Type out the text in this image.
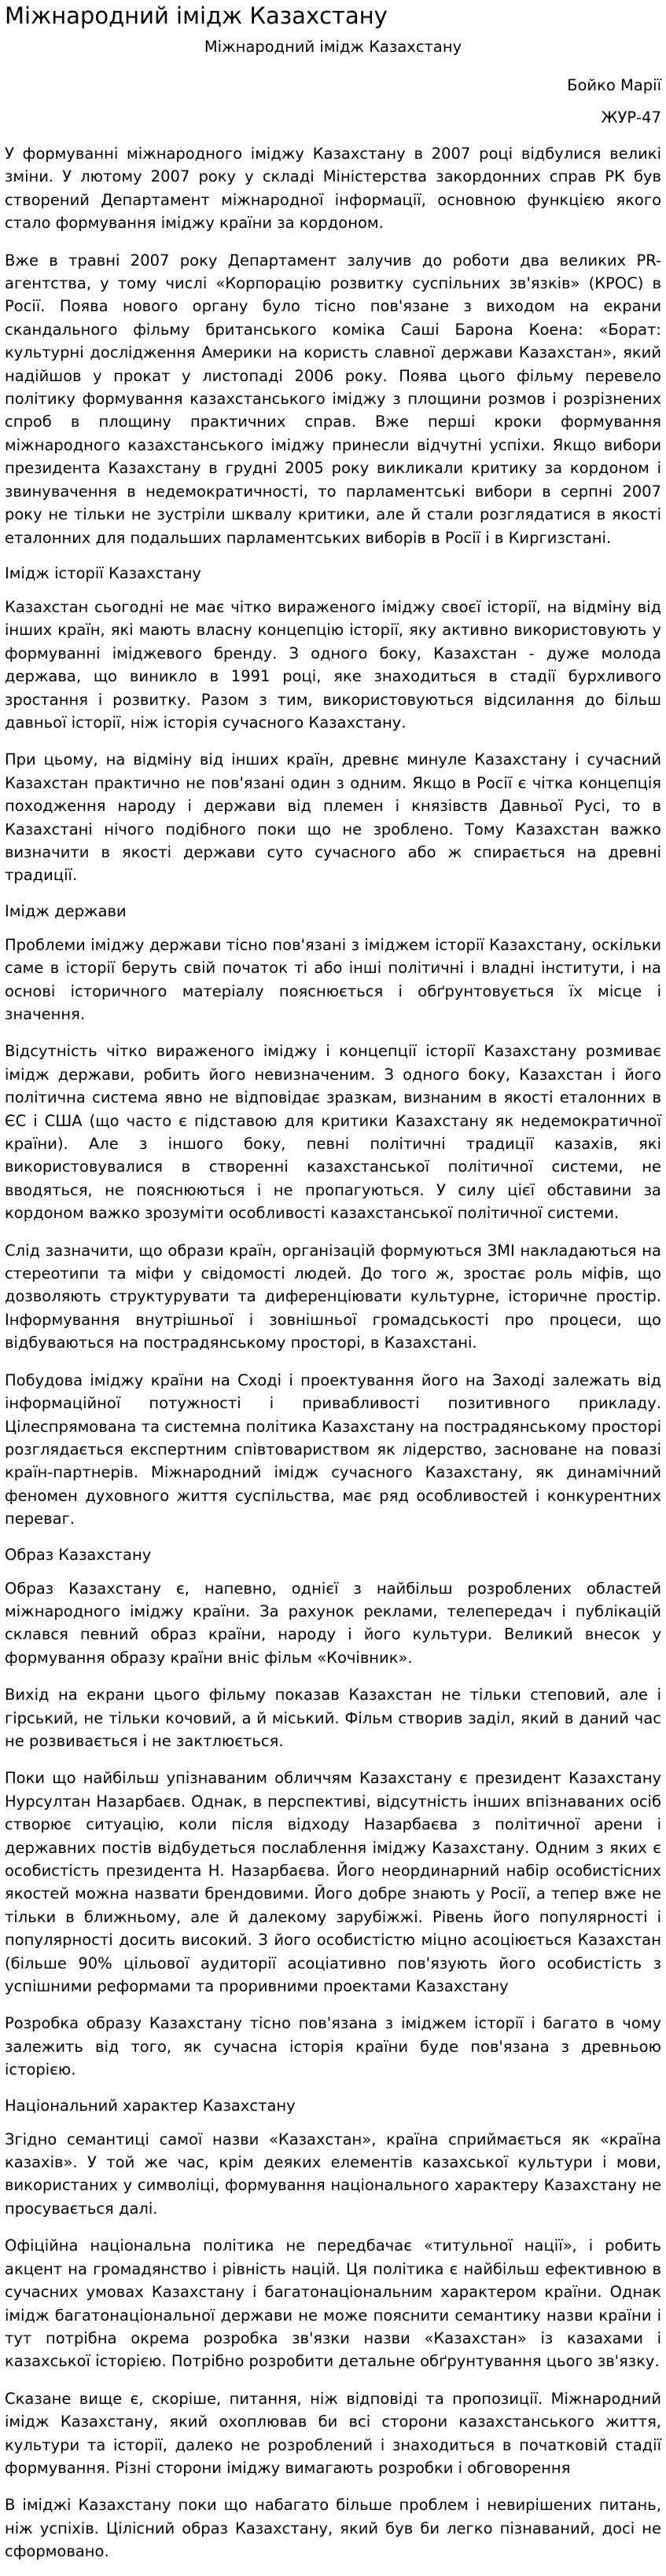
Міжнародний імідж Казахстану

Міжнародний імідж Казахстану

Бойко Марії

ЖУР-47

У формуванні міжнародного іміджу Казахстану в 2007 році відбулися великі зміни. У лютому 2007 року у складі Міністерства закордонних справ РК був створений Департамент міжнародної інформації, основною функцією якого стало формування іміджу країни за кордоном.

Вже в травні 2007 року Департамент залучив до роботи два великих PR-агентства, у тому числі «Корпорацію розвитку суспільних зв'язків» (КРОС) в Росії. Поява нового органу було тісно пов'язане з виходом на екрани скандального фільму британського коміка Саші Барона Коена: «Борат: культурні дослідження Америки на користь славної держави Казахстан», який надійшов у прокат у листопаді 2006 року. Поява цього фільму перевело політику формування казахстанського іміджу з площини розмов і розрізнених спроб в площину практичних справ. Вже перші кроки формування міжнародного казахстанського іміджу принесли відчутні успіхи. Якщо вибори президента Казахстану в грудні 2005 року викликали критику за кордоном і звинувачення в недемократичності, то парламентські вибори в серпні 2007 року не тільки не зустріли шквалу критики, але й стали розглядатися в якості еталонних для подальших парламентських виборів в Росії і в Киргизстані.

Імідж історії Казахстану

Казахстан сьогодні не має чітко вираженого іміджу своєї історії, на відміну від інших країн, які мають власну концепцію історії, яку активно використовують у формуванні іміджевого бренду. З одного боку, Казахстан - дуже молода держава, що виникло в 1991 році, яке знаходиться в стадії бурхливого зростання і розвитку. Разом з тим, використовуються відсилання до більш давньої історії, ніж історія сучасного Казахстану.

При цьому, на відміну від інших країн, древнє минуле Казахстану і сучасний Казахстан практично не пов'язані один з одним. Якщо в Росії є чітка концепція походження народу і держави від племен і князівств Давньої Русі, то в Казахстані нічого подібного поки що не зроблено. Тому Казахстан важко визначити в якості держави суто сучасного або ж спирається на древні традиції.

Імідж держави

Проблеми іміджу держави тісно пов'язані з іміджем історії Казахстану, оскільки саме в історії беруть свій початок ті або інші політичні і владні інститути, і на основі історичного матеріалу пояснюється і обґрунтовується їх місце і значення.

Відсутність чітко вираженого іміджу і концепції історії Казахстану розмиває імідж держави, робить його невизначеним. З одного боку, Казахстан і його політична система явно не відповідає зразкам, визнаним в якості еталонних в ЄС і США (що часто є підставою для критики Казахстану як недемократичної країни). Але з іншого боку, певні політичні традиції казахів, які використовувалися в створенні казахстанської політичної системи, не вводяться, не пояснюються і не пропагуються. У силу цієї обставини за кордоном важко зрозуміти особливості казахстанської політичної системи.

Слід зазначити, що образи країн, організацій формуються ЗМІ накладаються на стереотипи та міфи у свідомості людей. До того ж, зростає роль міфів, що дозволяють структурувати та диференціювати культурне, історичне простір. Інформування внутрішньої і зовнішньої громадськості про процеси, що відбуваються на пострадянському просторі, в Казахстані.

Побудова іміджу країни на Сході і проектування його на Заході залежать від інформаційної потужності і привабливості позитивного прикладу. Цілеспрямована та системна політика Казахстану на пострадянському просторі розглядається експертним співтовариством як лідерство, засноване на повазі країн-партнерів. Міжнародний імідж сучасного Казахстану, як динамічний феномен духовного життя суспільства, має ряд особливостей і конкурентних переваг.

Образ Казахстану

Образ Казахстану є, напевно, однієї з найбільш розроблених областей міжнародного іміджу країни. За рахунок реклами, телепередач і публікацій склався певний образ країни, народу і його культури. Великий внесок у формування образу країни вніс фільм «Кочівник».

Вихід на екрани цього фільму показав Казахстан не тільки степовий, але і гірський, не тільки кочовий, а й міський. Фільм створив заділ, який в даний час не розвивається і не зактлюється.

Поки що найбільш упізнаваним обличчям Казахстану є президент Казахстану Нурсултан Назарбаєв. Однак, в перспективі, відсутність інших впізнаваних осіб створює ситуацію, коли після відходу Назарбаєва з політичної арени і державних постів відбудеться послаблення іміджу Казахстану. Одним з яких є особистість президента Н. Назарбаєва. Його неординарний набір особистісних якостей можна назвати брендовими. Його добре знають у Росії, а тепер вже не тільки в ближньому, але й далекому зарубіжжі. Рівень його популярності і популярності досить високий. З його особистістю міцно асоціюється Казахстан (більше 90% цільової аудиторії асоціативно пов'язують його особистість з успішними реформами та проривними проектами Казахстану

Розробка образу Казахстану тісно пов'язана з іміджем історії і багато в чому залежить від того, як сучасна історія країни буде пов'язана з древньою історією.

Національний характер Казахстану

Згідно семантиці самої назви «Казахстан», країна сприймається як «країна казахів». У той же час, крім деяких елементів казахської культури і мови, використаних у символіці, формування національного характеру Казахстану не просувається далі.

Офіційна національна політика не передбачає «титульної нації», і робить акцент на громадянство і рівність націй. Ця політика є найбільш ефективною в сучасних умовах Казахстану і багатонаціональним характером країни. Однак імідж багатонаціональної держави не може пояснити семантику назви країни і тут потрібна окрема розробка зв'язки назви «Казахстан» із казахами і казахської історією. Потрібно розробити детальне обґрунтування цього зв'язку.

Сказане вище є, скоріше, питання, ніж відповіді та пропозиції. Міжнародний імідж Казахстану, який охоплював би всі сторони казахстанського життя, культури та історії, далеко не розроблений і знаходиться в початковій стадії формування. Різні сторони іміджу вимагають розробки і обговорення

В іміджі Казахстану поки що набагато більше проблем і невирішених питань, ніж успіхів. Цілісний образ Казахстану, який був би легко пізнаваний, досі не сформовано.
